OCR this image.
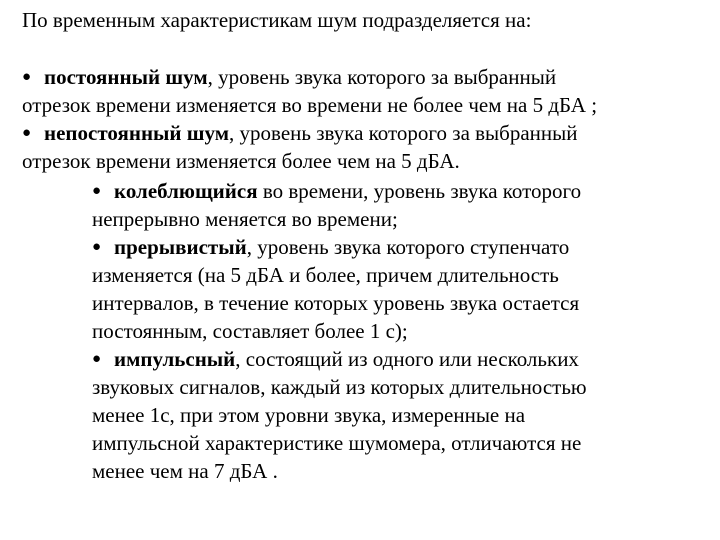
По временным характеристикам шум подразделяется на:
● постоянный шум, уровень звука которого за выбранный
отрезок времени изменяется во времени не более чем на 5 дБА ;
● непостоянный шум, уровень звука которого за выбранный
отрезок времени изменяется более чем на 5 дБА.
● колеблющийся во времени, уровень звука которого
непрерывно меняется во времени;
● прерывистый, уровень звука которого ступенчато
изменяется (на 5 дБА и более, причем длительность
интервалов, в течение которых уровень звука остается
постоянным, составляет более 1 с);
● импульсный, состоящий из одного или нескольких
звуковых сигналов, каждый из которых длительностью
менее 1с, при этом уровни звука, измеренные на
импульсной характеристике шумомера, отличаются не
менее чем на 7 дБА .
